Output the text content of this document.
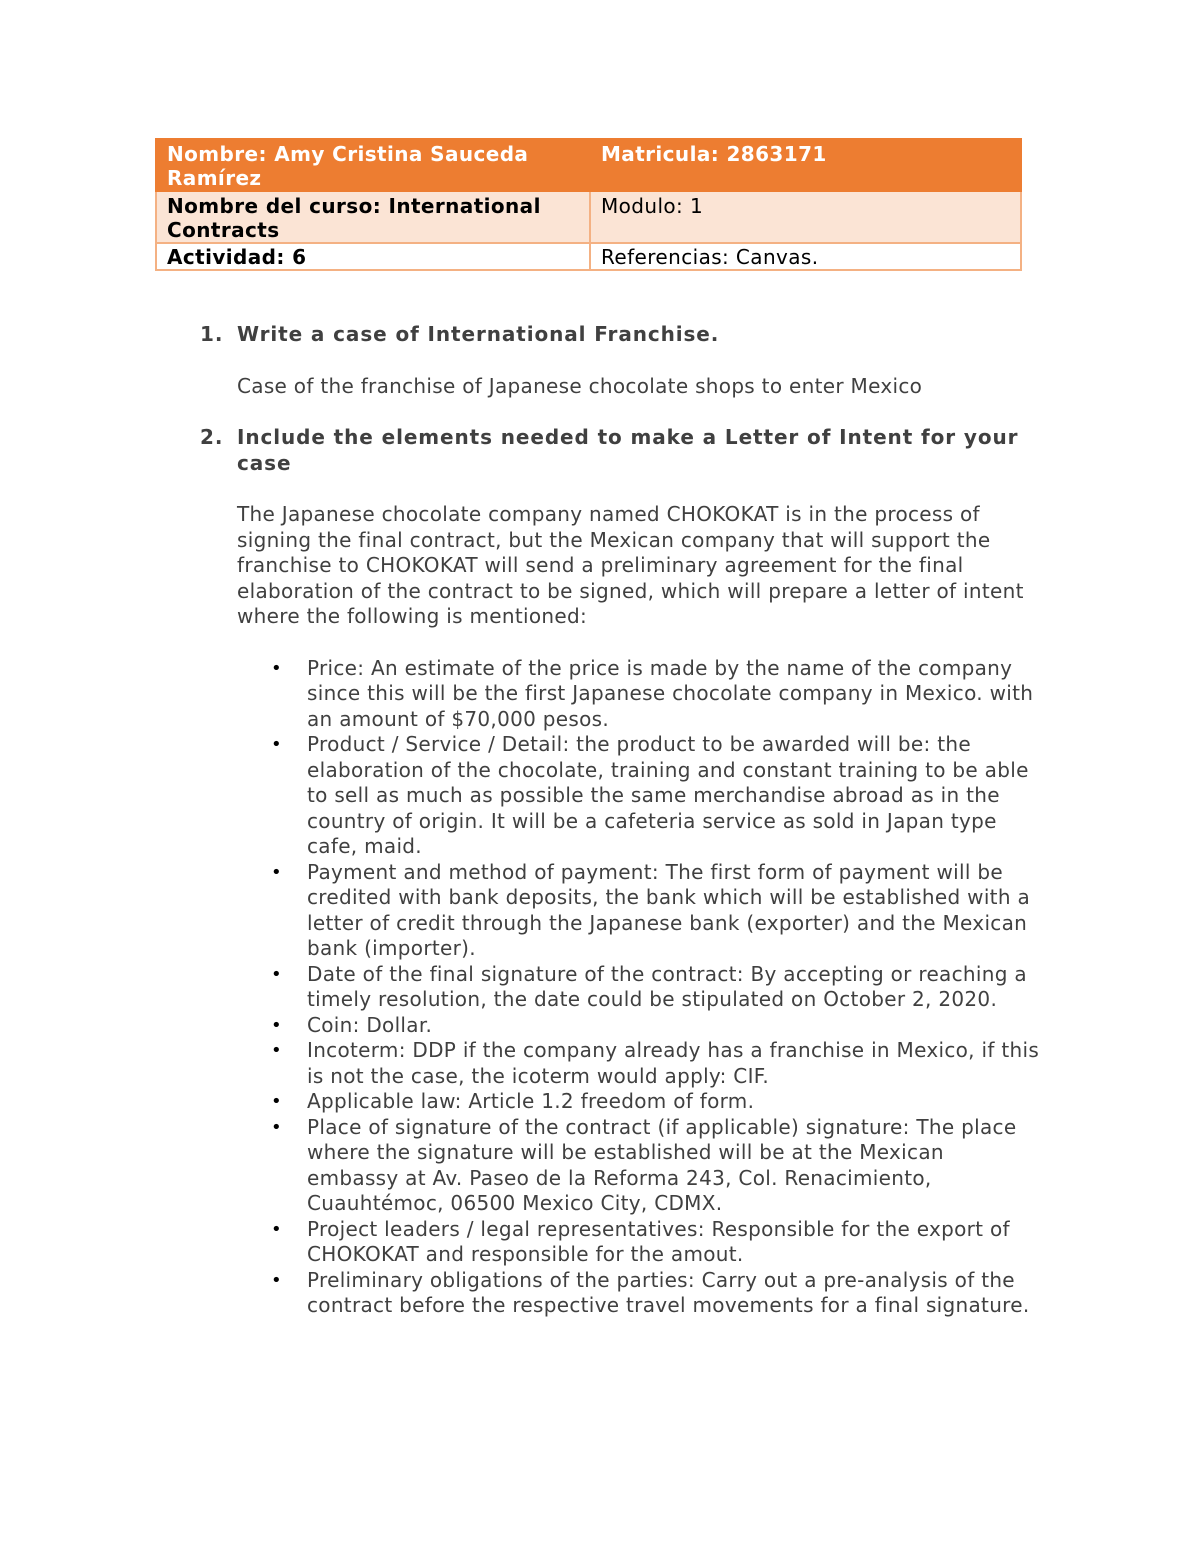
Nombre: Amy Cristina Sauceda Ramírez	Matricula: 2863171
Nombre del curso: International Contracts	Modulo: 1
Actividad: 6	Referencias: Canvas.
1. Write a case of International Franchise.
Case of the franchise of Japanese chocolate shops to enter Mexico
2. Include the elements needed to make a Letter of Intent for your case
The Japanese chocolate company named CHOKOKAT is in the process of signing the final contract, but the Mexican company that will support the franchise to CHOKOKAT will send a preliminary agreement for the final elaboration of the contract to be signed, which will prepare a letter of intent where the following is mentioned:
• Price: An estimate of the price is made by the name of the company since this will be the first Japanese chocolate company in Mexico. with an amount of $70,000 pesos.
• Product / Service / Detail: the product to be awarded will be: the elaboration of the chocolate, training and constant training to be able to sell as much as possible the same merchandise abroad as in the country of origin. It will be a cafeteria service as sold in Japan type cafe, maid.
• Payment and method of payment: The first form of payment will be credited with bank deposits, the bank which will be established with a letter of credit through the Japanese bank (exporter) and the Mexican bank (importer).
• Date of the final signature of the contract: By accepting or reaching a timely resolution, the date could be stipulated on October 2, 2020.
• Coin: Dollar.
• Incoterm: DDP if the company already has a franchise in Mexico, if this is not the case, the icoterm would apply: CIF.
• Applicable law: Article 1.2 freedom of form.
• Place of signature of the contract (if applicable) signature: The place where the signature will be established will be at the Mexican embassy at Av. Paseo de la Reforma 243, Col. Renacimiento, Cuauhtémoc, 06500 Mexico City, CDMX.
• Project leaders / legal representatives: Responsible for the export of CHOKOKAT and responsible for the amout.
• Preliminary obligations of the parties: Carry out a pre-analysis of the contract before the respective travel movements for a final signature.
